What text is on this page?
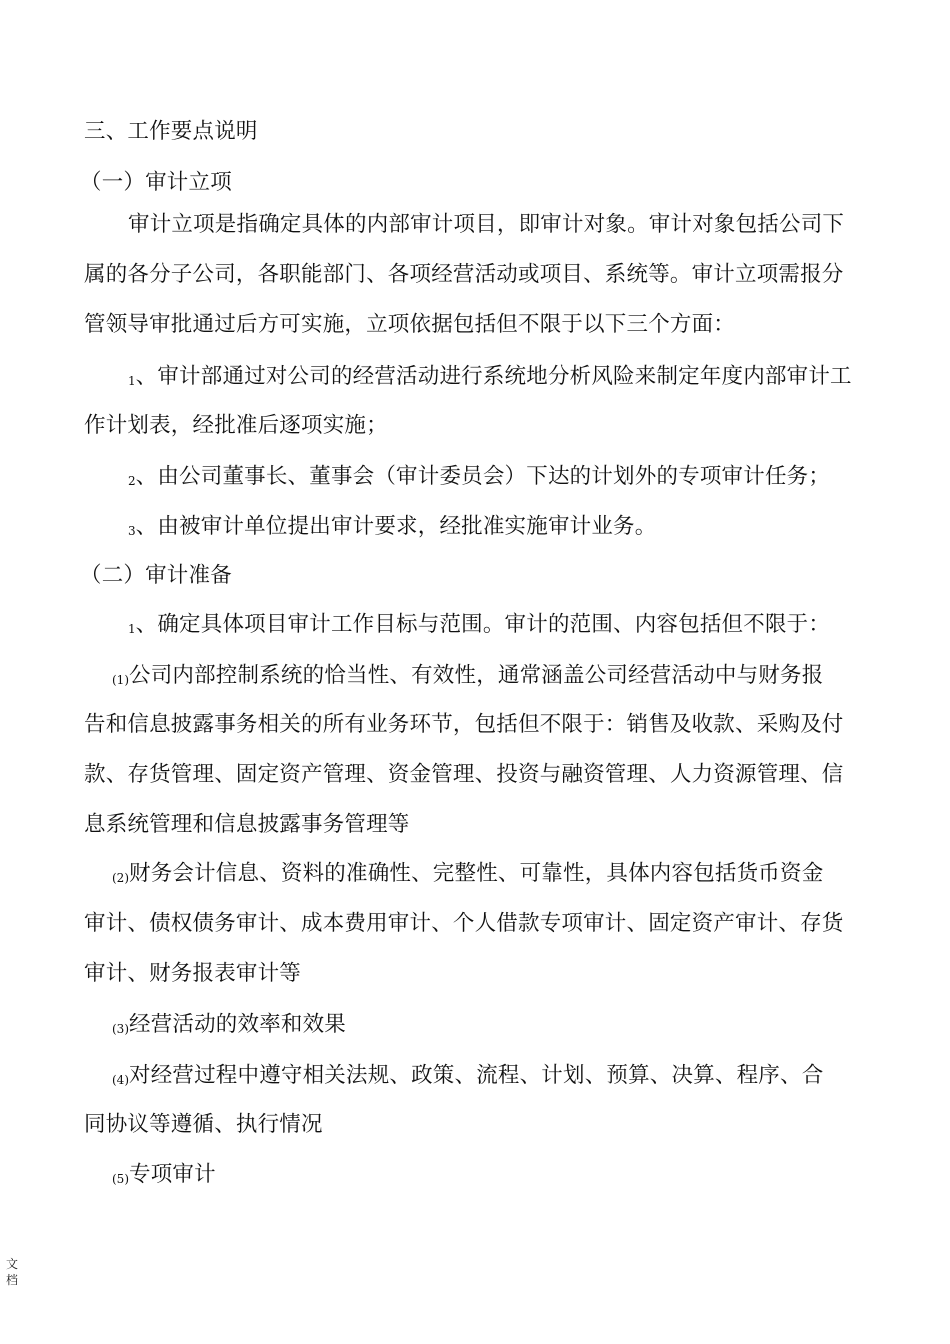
三、工作要点说明
（一）审计立项
审计立项是指确定具体的内部审计项目，即审计对象。审计对象包括公司下
属的各分子公司，各职能部门、各项经营活动或项目、系统等。审计立项需报分
管领导审批通过后方可实施，立项依据包括但不限于以下三个方面：
1、审计部通过对公司的经营活动进行系统地分析风险来制定年度内部审计工
作计划表，经批准后逐项实施；
2、由公司董事长、董事会（审计委员会）下达的计划外的专项审计任务；
3、由被审计单位提出审计要求，经批准实施审计业务。
（二）审计准备
1、确定具体项目审计工作目标与范围。审计的范围、内容包括但不限于：
(1)公司内部控制系统的恰当性、有效性，通常涵盖公司经营活动中与财务报
告和信息披露事务相关的所有业务环节，包括但不限于：销售及收款、采购及付
款、存货管理、固定资产管理、资金管理、投资与融资管理、人力资源管理、信
息系统管理和信息披露事务管理等
(2)财务会计信息、资料的准确性、完整性、可靠性，具体内容包括货币资金
审计、债权债务审计、成本费用审计、个人借款专项审计、固定资产审计、存货
审计、财务报表审计等
(3)经营活动的效率和效果
(4)对经营过程中遵守相关法规、政策、流程、计划、预算、决算、程序、合
同协议等遵循、执行情况
(5)专项审计
文档
